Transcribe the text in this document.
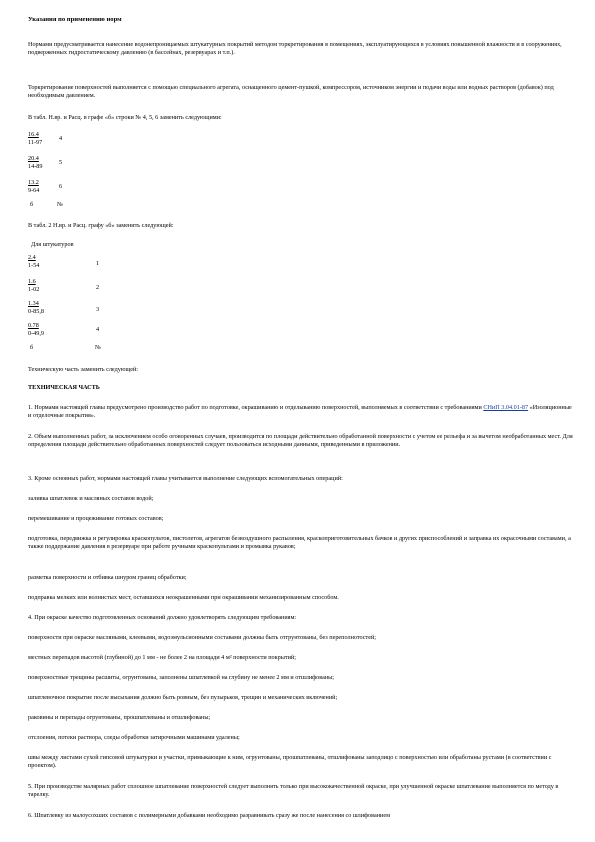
Указания по применению норм
Нормами предусматривается нанесение водонепроницаемых штукатурных покрытий методом торкретирования в помещениях, эксплуатирующихся в условиях повышенной влажности и в сооружениях, подверженных гидростатическому давлению (в бассейнах, резервуарах и т.п.).
Торкретирование поверхностей выполняется с помощью специального агрегата, оснащенного цемент-пушкой, компрессором, источником энергии и подачи воды или водных растворов (добавок) под необходимым давлением.
В табл. Н.вр. и Расц. в графе «б» строки № 4, 5, 6 заменить следующими:
$\frac{16.4}{11-97}$	4
$\frac{20.4}{14-89}$	5
$\frac{13.2}{9-64}$	6
б	№
В табл. 2 Н.вр. и Расц. графу «б» заменить следующей:
Для штукатуров
$\frac{2.4}{1-54}$	1
$\frac{1.6}{1-02}$	2
$\frac{1.34}{0-85,8}$	3
$\frac{0.78}{0-49,9}$	4
б	№
Техническую часть заменить следующей:
ТЕХНИЧЕСКАЯ ЧАСТЬ
1. Нормами настоящей главы предусмотрено производство работ по подготовке, окрашиванию и отделыванию поверхностей, выполняемых в соответствии с требованиями СНиП 3.04.01-87 «Изоляционные и отделочные покрытия».
2. Объем выполненных работ, за исключением особо оговоренных случаев, производится по площади действительно обработанной поверхности с учетом ее рельефа и за вычетом необработанных мест. Для определения площади действительно обработанных поверхностей следует пользоваться исходными данными, приведенными в приложении.
3. Кроме основных работ, нормами настоящей главы учитывается выполнение следующих вспомогательных операций:
заливка шпатлевок и масляных составов водой;
перемешивание и процеживание готовых составов;
подготовка, передвижка и регулировка краскопультов, пистолетов, агрегатов безвоздушного распыления, краскоприготовительных бачков и других приспособлений и заправка их окрасочными составами, а также поддержание давления в резервуаре при работе ручными краскопультами и промывка рукавов;
разметка поверхности и отбивка шнуром границ обработки;
подправка мелких или волнистых мест, оставшихся неокрашенными при окрашивании механизированным способом.
4. При окраске качество подготовленных оснований должно удовлетворять следующим требованиям:
поверхности при окраске масляными, клеевыми, водоэмульсионными составами должны быть отгрунтованы, без переполнотостей;
местных перепадов высотой (глубиной) до 1 мм - не более 2 на площади 4 м² поверхности покрытий;
поверхностные трещины расшиты, огрунтованы, заполнены шпатлевкой на глубину не менее 2 мм и отшлифованы;
шпатлевочное покрытие после высыхания должно быть ровным, без пузырьков, трещин и механических включений;
раковины и перепады огрунтованы, прошпатлеваны и отшлифованы;
отслоения, потеки раствора, следы обработки затирочными машинами удалены;
швы между листами сухой гипсовой штукатурки и участки, примыкающие к ним, огрунтованы, прошпатлеваны, отшлифованы заподлицо с поверхностью или обработаны рустами (в соответствии с проектом).
5. При производстве малярных работ сплошное шпатлевание поверхностей следует выполнять только при высококачественной окраске, при улучшенной окраске шпатлевание выполняется по методу в тарелку.
6. Шпатлевку из малоусохших составов с полимерными добавками необходимо разравнивать сразу же после нанесения со шлифованием
